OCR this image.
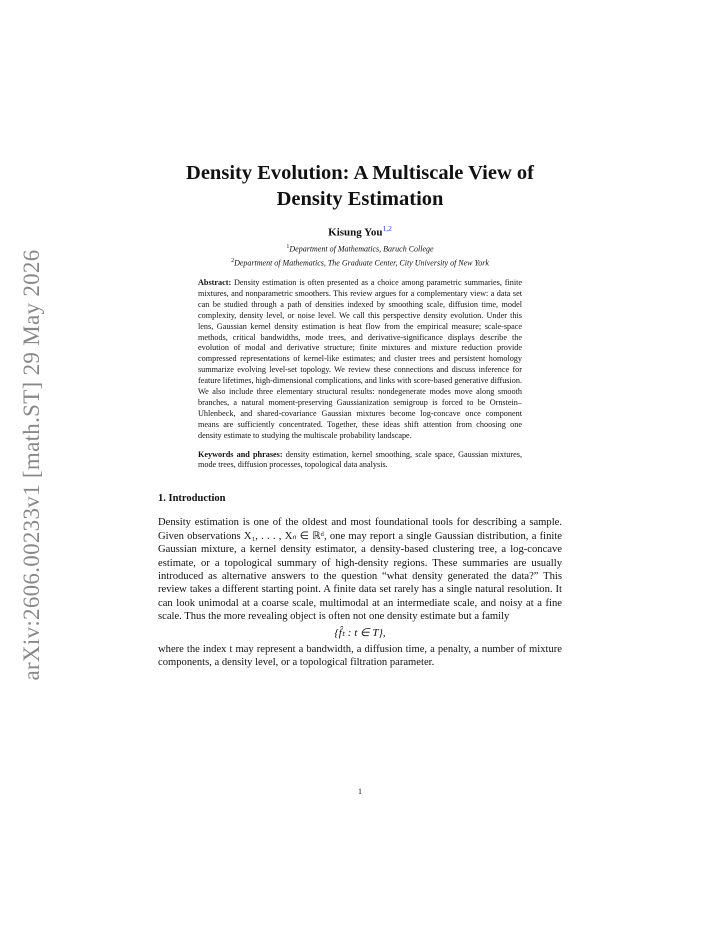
arXiv:2606.00233v1 [math.ST] 29 May 2026
Density Evolution: A Multiscale View of Density Estimation
Kisung You$^{1,2}$
$^1$Department of Mathematics, Baruch College
$^2$Department of Mathematics, The Graduate Center, City University of New York
Abstract: Density estimation is often presented as a choice among parametric summaries, finite mixtures, and nonparametric smoothers. This review argues for a complementary view: a data set can be studied through a path of densities indexed by smoothing scale, diffusion time, model complexity, density level, or noise level. We call this perspective density evolution. Under this lens, Gaussian kernel density estimation is heat flow from the empirical measure; scale-space methods, critical bandwidths, mode trees, and derivative-significance displays describe the evolution of modal and derivative structure; finite mixtures and mixture reduction provide compressed representations of kernel-like estimates; and cluster trees and persistent homology summarize evolving level-set topology. We review these connections and discuss inference for feature lifetimes, high-dimensional complications, and links with score-based generative diffusion. We also include three elementary structural results: nondegenerate modes move along smooth branches, a natural moment-preserving Gaussianization semigroup is forced to be Ornstein–Uhlenbeck, and shared-covariance Gaussian mixtures become log-concave once component means are sufficiently concentrated. Together, these ideas shift attention from choosing one density estimate to studying the multiscale probability landscape.
Keywords and phrases: density estimation, kernel smoothing, scale space, Gaussian mixtures, mode trees, diffusion processes, topological data analysis.
1. Introduction
Density estimation is one of the oldest and most foundational tools for describing a sample. Given observations X₁, . . . , Xₙ ∈ ℝᵈ, one may report a single Gaussian distribution, a finite Gaussian mixture, a kernel density estimator, a density-based clustering tree, a log-concave estimate, or a topological summary of high-density regions. These summaries are usually introduced as alternative answers to the question “what density generated the data?” This review takes a different starting point. A finite data set rarely has a single natural resolution. It can look unimodal at a coarse scale, multimodal at an intermediate scale, and noisy at a fine scale. Thus the more revealing object is often not one density estimate but a family
{f̂ₜ : t ∈ T},
where the index t may represent a bandwidth, a diffusion time, a penalty, a number of mixture components, a density level, or a topological filtration parameter.
1
